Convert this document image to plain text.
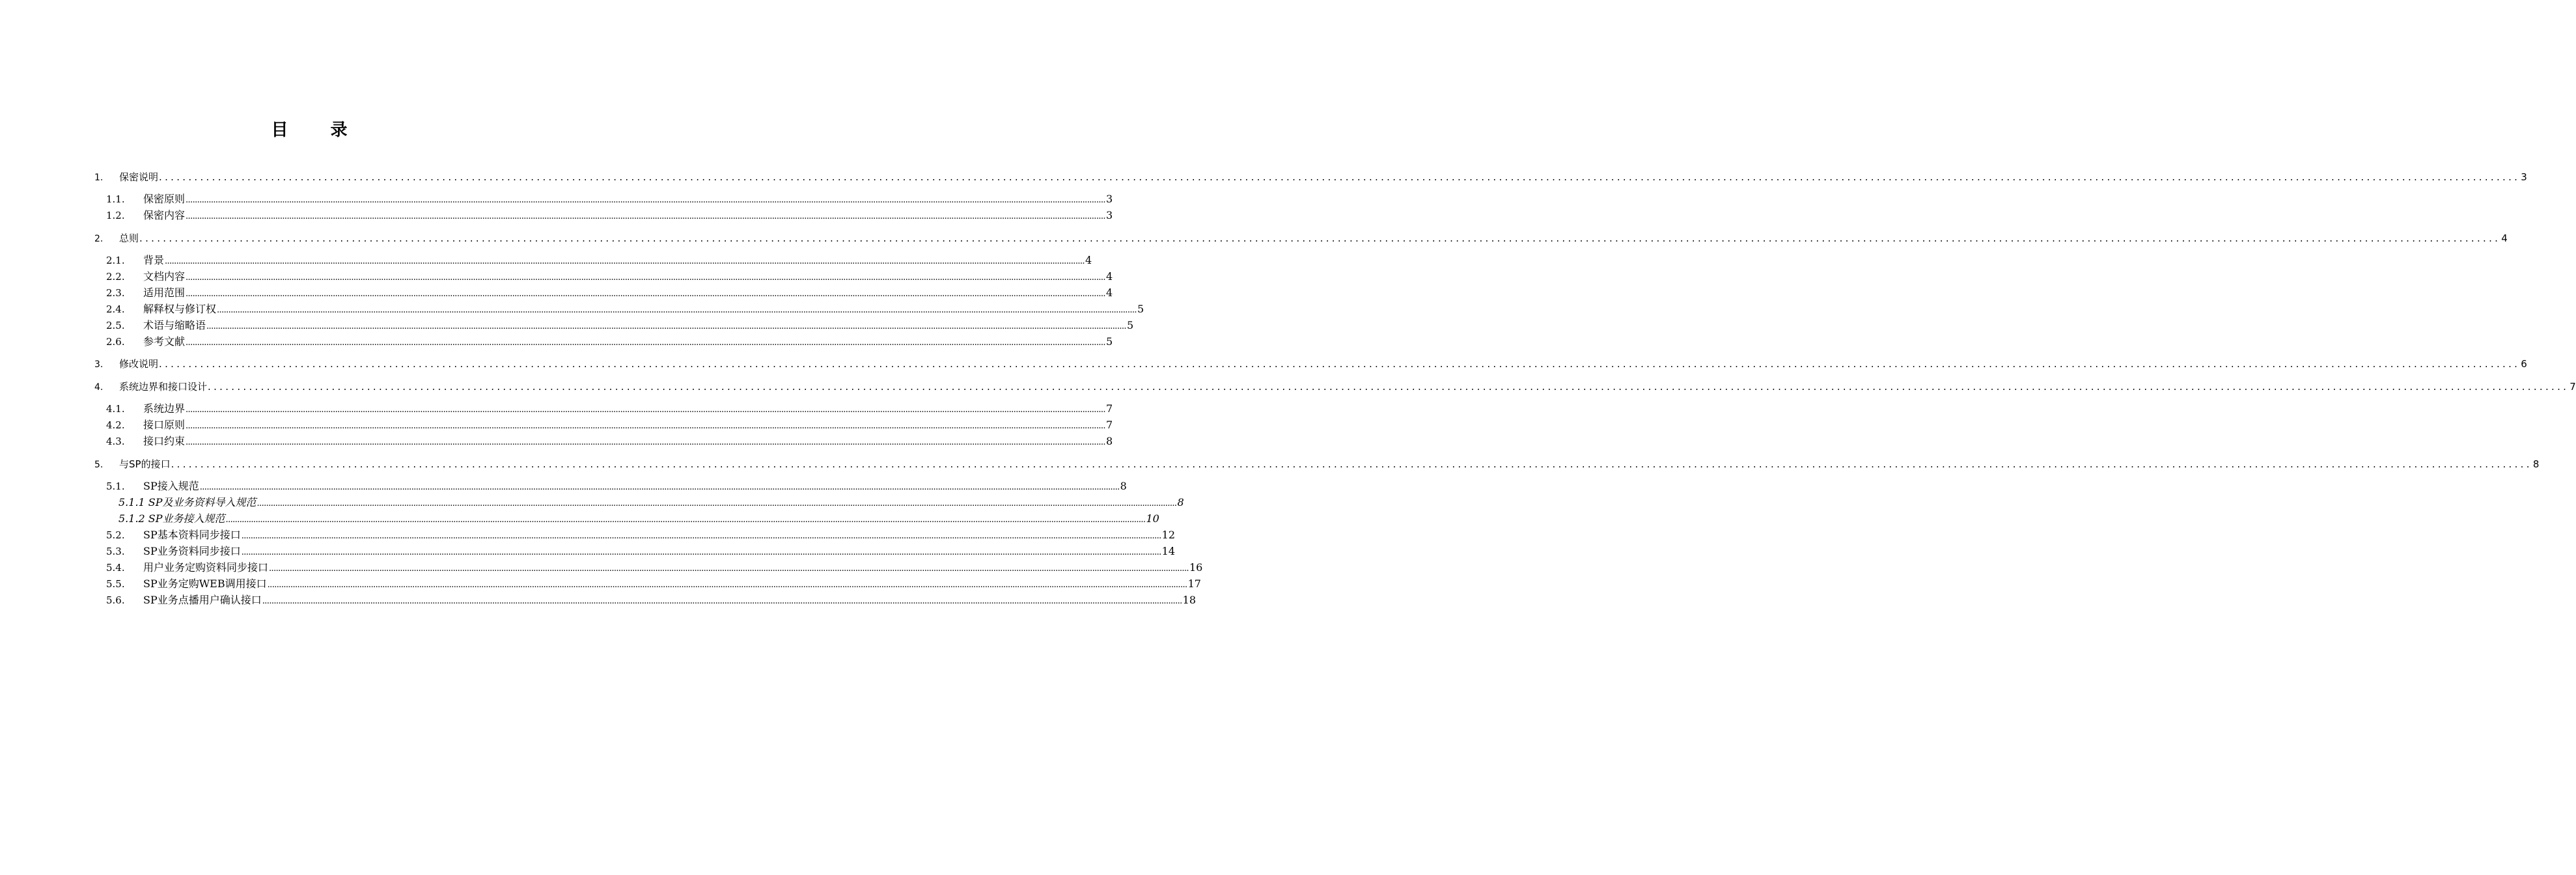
目 录
1.	保密说明 ................................................................................................................................................................................................................................................................................................................................................................................................................ 3
1.1.	保密原则 ................................................................................................................................................................................................................................................................................................................................................................................................................ 3
1.2.	保密内容 ................................................................................................................................................................................................................................................................................................................................................................................................................ 3
2.	总则 ................................................................................................................................................................................................................................................................................................................................................................................................................ 4
2.1.	背景 ................................................................................................................................................................................................................................................................................................................................................................................................................ 4
2.2.	文档内容 ................................................................................................................................................................................................................................................................................................................................................................................................................ 4
2.3.	适用范围 ................................................................................................................................................................................................................................................................................................................................................................................................................ 4
2.4.	解释权与修订权 ................................................................................................................................................................................................................................................................................................................................................................................................................ 5
2.5.	术语与缩略语 ................................................................................................................................................................................................................................................................................................................................................................................................................ 5
2.6.	参考文献 ................................................................................................................................................................................................................................................................................................................................................................................................................ 5
3.	修改说明 ................................................................................................................................................................................................................................................................................................................................................................................................................ 6
4.	系统边界和接口设计 ................................................................................................................................................................................................................................................................................................................................................................................................................ 7
4.1.	系统边界 ................................................................................................................................................................................................................................................................................................................................................................................................................ 7
4.2.	接口原则 ................................................................................................................................................................................................................................................................................................................................................................................................................ 7
4.3.	接口约束 ................................................................................................................................................................................................................................................................................................................................................................................................................ 8
5.	与SP的接口 ................................................................................................................................................................................................................................................................................................................................................................................................................ 8
5.1.	SP接入规范 ................................................................................................................................................................................................................................................................................................................................................................................................................ 8
5.1.1 SP及业务资料导入规范 ................................................................................................................................................................................................................................................................................................................................................................................................................ 8
5.1.2 SP业务接入规范 ................................................................................................................................................................................................................................................................................................................................................................................................................ 10
5.2.	SP基本资料同步接口 ................................................................................................................................................................................................................................................................................................................................................................................................................ 12
5.3.	SP业务资料同步接口 ................................................................................................................................................................................................................................................................................................................................................................................................................ 14
5.4.	用户业务定购资料同步接口 ................................................................................................................................................................................................................................................................................................................................................................................................................ 16
5.5.	SP业务定购WEB调用接口 ................................................................................................................................................................................................................................................................................................................................................................................................................ 17
5.6.	SP业务点播用户确认接口 ................................................................................................................................................................................................................................................................................................................................................................................................................ 18
